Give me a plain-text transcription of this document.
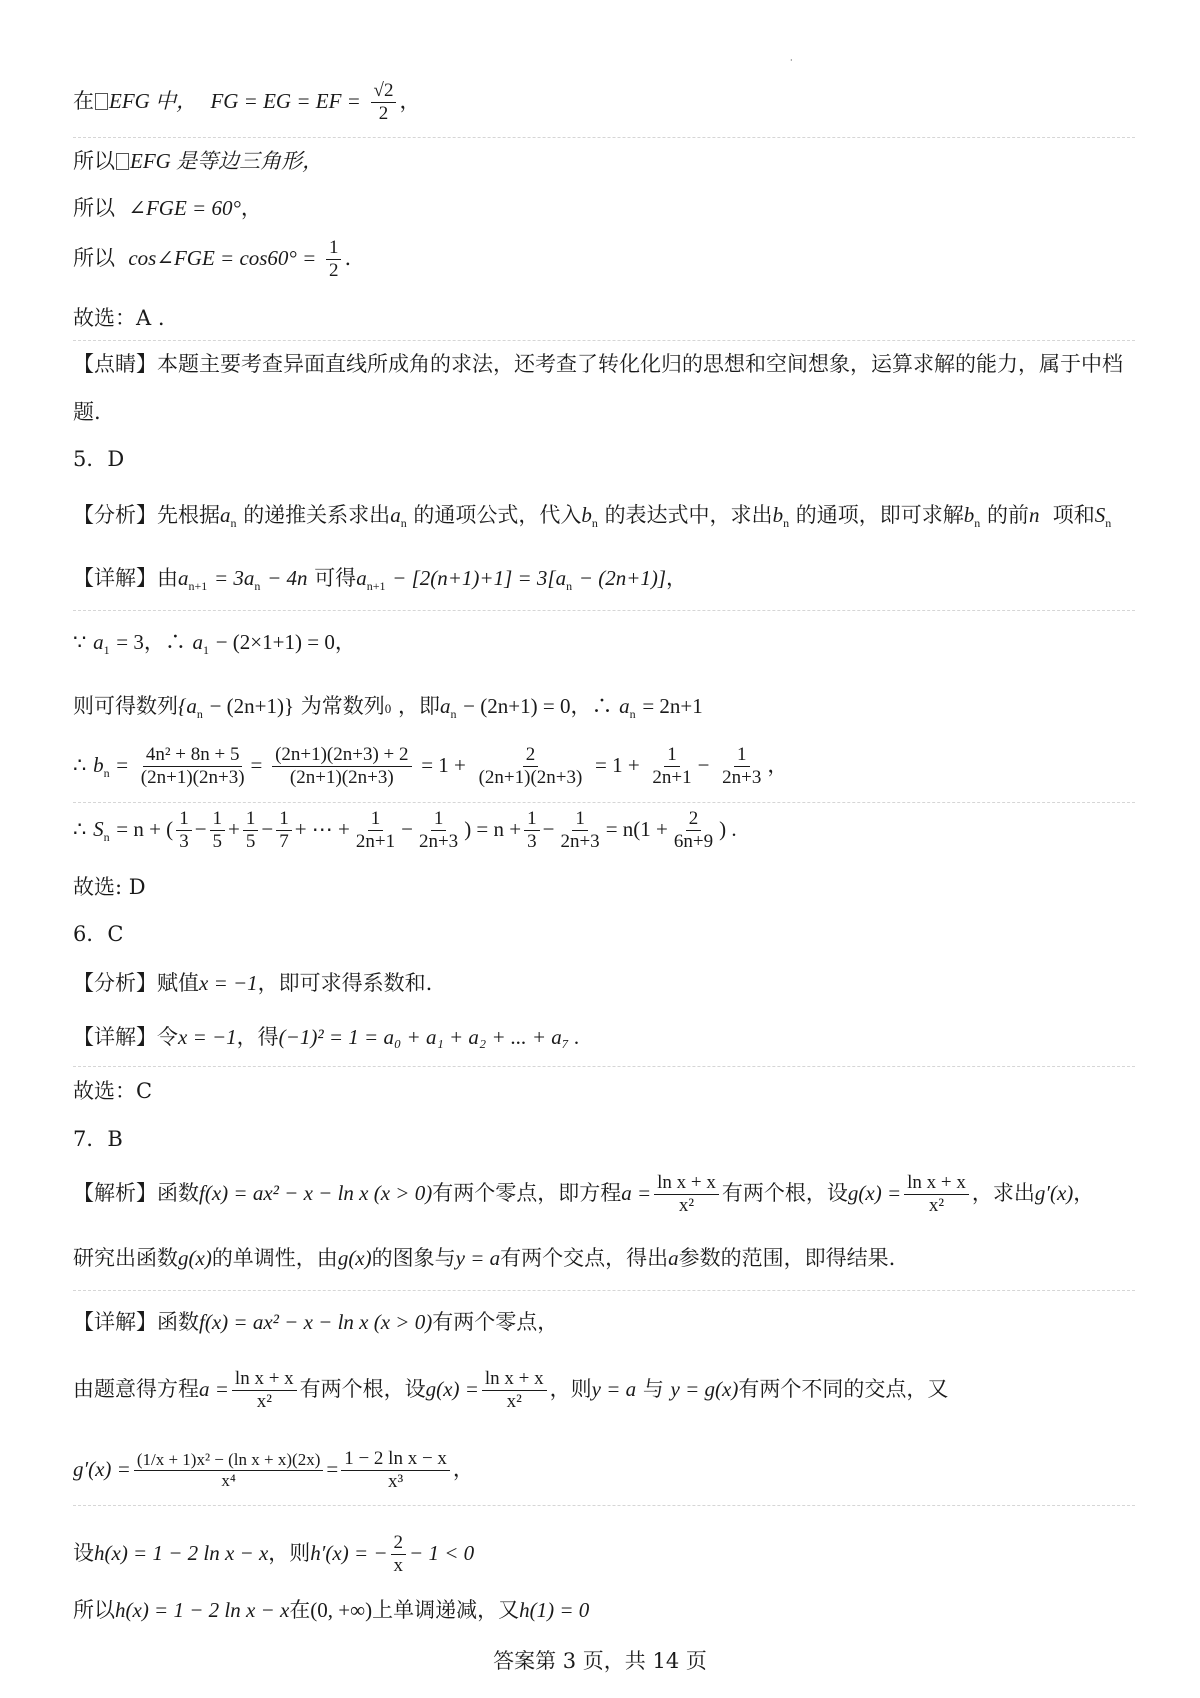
·
在 EFG 中， FG = EG = EF = $\frac{√2}{2}$ ，
所以 EFG 是等边三角形，
所以 ∠FGE = 60°，
所以 cos∠FGE = $\cos 60^\circ = \frac{1}{2}$ .
故选：A .
【点睛】本题主要考查异面直线所成角的求法，还考查了转化化归的思想和空间想象，运算求解的能力，属于中档
题.
5．D
【分析】先根据$a_n$ 的递推关系求出$a_n$ 的通项公式，代入$b_n$ 的表达式中，求出$b_n$ 的通项，即可求解$b_n$ 的前n 项和$S_n$
【详解】由$a_{n+1} = 3a_n - 4n$ 可得$a_{n+1} - [2(n+1)+1] = 3[a_n - (2n+1)]$，
∵ $a_1 = 3$，∴ $a_1 - (2\times 1+1) = 0$，
则可得数列$\{a_n - (2n+1)\}$ 为常数列0 ，即$a_n - (2n+1) = 0$，∴ $a_n = 2n+1$
∴ $b_n = \frac{\text{4n² + 8n + 5}}{(2n+1)(2n+3)} = \frac{(2n+1)(2n+3) + 2}{(2n+1)(2n+3)} = 1 + \frac{2}{(2n+1)(2n+3)} = 1 + \frac{1}{2n+1} - \frac{1}{2n+3}$ ，
∴ $S_n = n$ + ( $\frac{1}{3} - \frac{1}{5} + \frac{1}{5} - \frac{1}{7}$ + ⋯ + $\frac{1}{2n+1} - \frac{1}{2n+3}$ ) = $n + \frac{1}{3} - \frac{1}{2n+3} = n(1 + \frac{2}{6n+9}$ ) .
故选: D
6．C
【分析】赋值x = −1，即可求得系数和.
【详解】令x = −1，得(−1)² = 1 = a₀ + a₁ + a₂ + ... + a₇ .
故选：C
7．B
【解析】函数f(x) = ax² − x − ln x (x > 0)有两个零点，即方程$a = \frac{\text{ln x + x}}{\text{x²}}$ 有两个根，设$g(x) = \frac{\text{ln x + x}}{\text{x²}}$ ，求出g′(x)，
研究出函数g(x)的单调性，由g(x)的图象与y = a有两个交点，得出a参数的范围，即得结果.
【详解】函数f(x) = ax² − x − ln x (x > 0)有两个零点，
由题意得方程$a = \frac{\text{ln x + x}}{\text{x²}}$ 有两个根，设$g(x) = \frac{\text{ln x + x}}{\text{x²}}$ ，则y = a 与 y = g(x)有两个不同的交点，又
$g'(x) = \frac{\text{(1/x + 1)x² − (ln x + x)(2x)}}{\text{x⁴}} = \frac{\text{1 − 2 ln x − x}}{\text{x³}}$ ，
设h(x) = 1 − 2 ln x − x，则h′(x) = − $\frac{2}{x} - 1 < 0$
所以h(x) = 1 − 2 ln x − x在(0, +∞)上单调递减，又h(1) = 0
答案第 3 页，共 14 页
